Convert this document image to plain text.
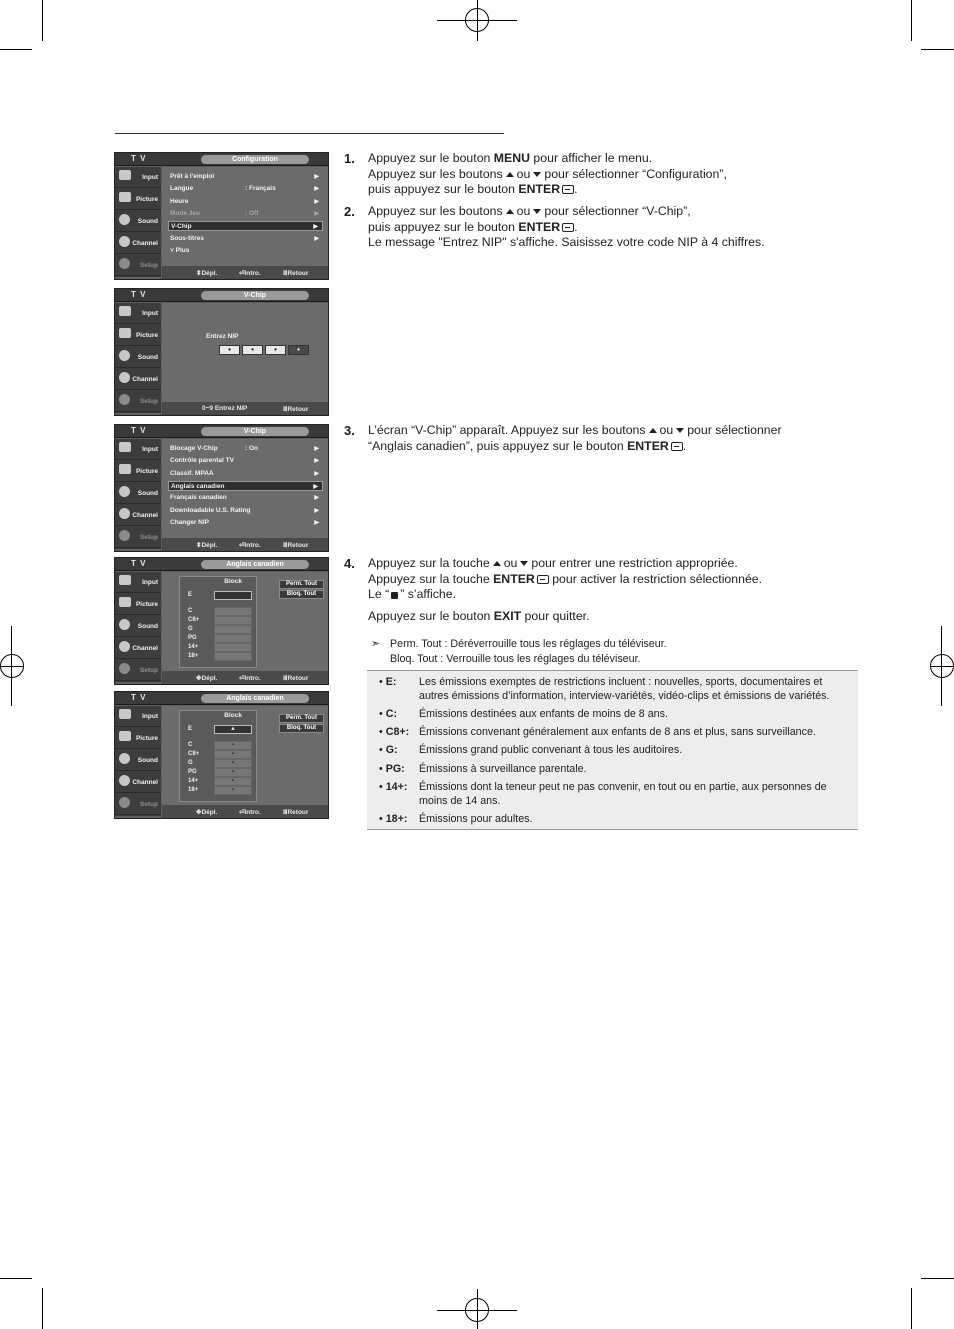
T V	Configuration
Input
Picture
Sound
Channel
Setup
Prêt à l'emploi	▶
Langue	: Français	▶
Heure	▶
Mode Jeu	: Off	▶
V-Chip	▶
Sous-titres	▶
˅ Plus
⬍Dépl.	⏎Intro.	ⅢRetour
T V	V-Chip
Input
Picture
Sound
Channel
Setup
Entrez NIP
•	•	•	•
0~9 Entrez NIP	ⅢRetour
T V	V-Chip
Input
Picture
Sound
Channel
Setup
Blocage V-Chip	: On	▶
Contrôle parental TV	▶
Classif. MPAA	▶
Anglais canadien	▶
Français canadien	▶
Downloadable U.S. Rating	▶
Changer NIP	▶
⬍Dépl.	⏎Intro.	ⅢRetour
T V	Anglais canadien
Input
Picture
Sound
Channel
Setup
Block
E
C
C8+
G
PG
14+
18+
Perm. Tout
Bloq. Tout
✥Dépl.	⏎Intro.	ⅢRetour
T V	Anglais canadien
Input
Picture
Sound
Channel
Setup
Block
E	▲
C	▪
C8+	▪
G	▪
PG	▪
14+	▪
18+	▪
Perm. Tout
Bloq. Tout
✥Dépl.	⏎Intro.	ⅢRetour
1. Appuyez sur le bouton MENU pour afficher le menu.
Appuyez sur les boutons ou pour sélectionner “Configuration”,
puis appuyez sur le bouton ENTER .
2. Appuyez sur les boutons ou pour sélectionner “V-Chip”,
puis appuyez sur le bouton ENTER .
Le message "Entrez NIP" s'affiche. Saisissez votre code NIP à 4 chiffres.
3. L’écran “V-Chip” apparaît. Appuyez sur les boutons ou pour sélectionner
“Anglais canadien”, puis appuyez sur le bouton ENTER .
4. Appuyez sur la touche ou pour entrer une restriction appropriée.
Appuyez sur la touche ENTER pour activer la restriction sélectionnée.
Le “ ” s’affiche.
Appuyez sur le bouton EXIT pour quitter.
➣ Perm. Tout : Déréverrouille tous les réglages du téléviseur.
Bloq. Tout : Verrouille tous les réglages du téléviseur.
• E: Les émissions exemptes de restrictions incluent : nouvelles, sports, documentaires et
autres émissions d’information, interview-variétés, vidéo-clips et émissions de variétés.
• C: Émissions destinées aux enfants de moins de 8 ans.
• C8+: Émissions convenant généralement aux enfants de 8 ans et plus, sans surveillance.
• G: Émissions grand public convenant à tous les auditoires.
• PG: Émissions à surveillance parentale.
• 14+: Émissions dont la teneur peut ne pas convenir, en tout ou en partie, aux personnes de
moins de 14 ans.
• 18+: Émissions pour adultes.
